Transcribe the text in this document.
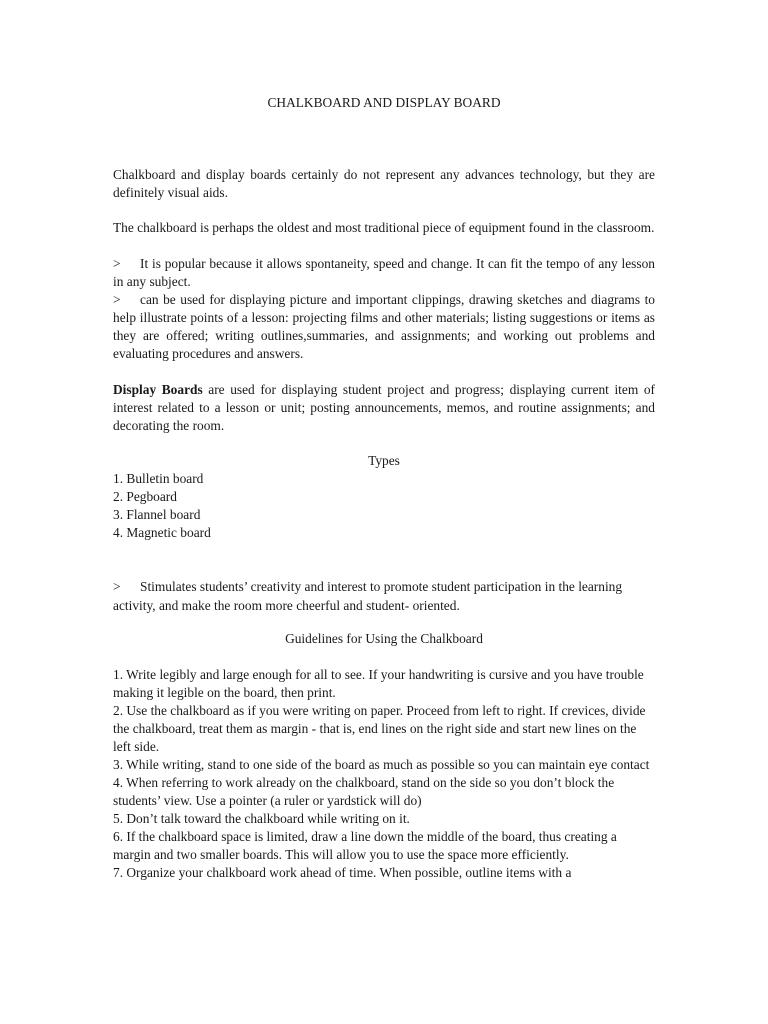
CHALKBOARD AND DISPLAY BOARD
Chalkboard and display boards certainly do not represent any advances technology, but they are definitely visual aids.
The chalkboard is perhaps the oldest and most traditional piece of equipment found in the classroom.
> It is popular because it allows spontaneity, speed and change. It can fit the tempo of any lesson in any subject.
> can be used for displaying picture and important clippings, drawing sketches and diagrams to help illustrate points of a lesson: projecting films and other materials; listing suggestions or items as they are offered; writing outlines,summaries, and assignments; and working out problems and evaluating procedures and answers.
Display Boards are used for displaying student project and progress; displaying current item of interest related to a lesson or unit; posting announcements, memos, and routine assignments; and decorating the room.
Types
1. Bulletin board
2. Pegboard
3. Flannel board
4. Magnetic board
> Stimulates students’ creativity and interest to promote student participation in the learning activity, and make the room more cheerful and student- oriented.
Guidelines for Using the Chalkboard
1. Write legibly and large enough for all to see. If your handwriting is cursive and you have trouble making it legible on the board, then print.
2. Use the chalkboard as if you were writing on paper. Proceed from left to right. If crevices, divide the chalkboard, treat them as margin - that is, end lines on the right side and start new lines on the left side.
3. While writing, stand to one side of the board as much as possible so you can maintain eye contact
4. When referring to work already on the chalkboard, stand on the side so you don’t block the students’ view. Use a pointer (a ruler or yardstick will do)
5. Don’t talk toward the chalkboard while writing on it.
6. If the chalkboard space is limited, draw a line down the middle of the board, thus creating a margin and two smaller boards. This will allow you to use the space more efficiently.
7. Organize your chalkboard work ahead of time. When possible, outline items with a
